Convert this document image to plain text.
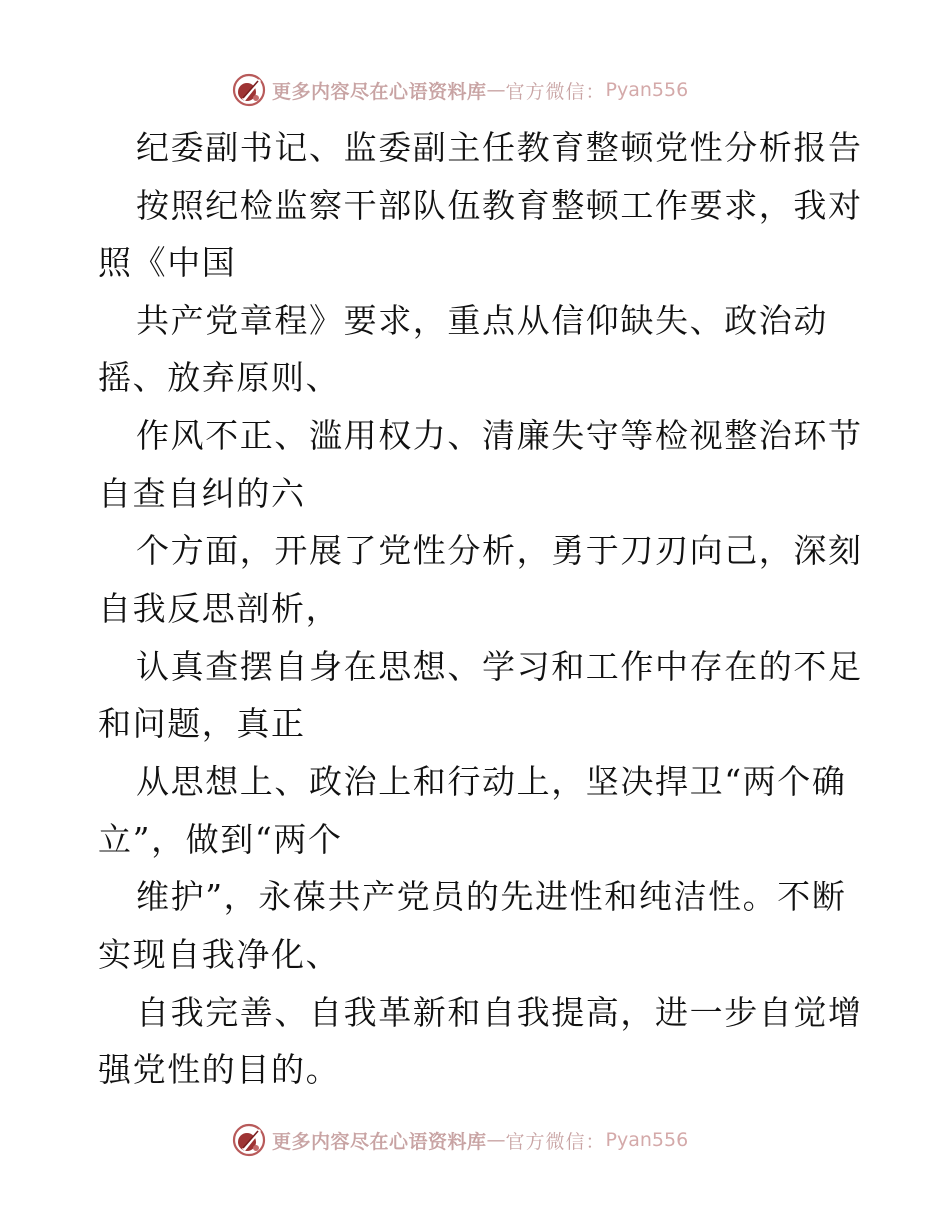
更多内容尽在心语资料库 — 官方微信： Pyan556
纪委副书记、监委副主任教育整顿党性分析报告
按照纪检监察干部队伍教育整顿工作要求，我对
照《中国
共产党章程》要求，重点从信仰缺失、政治动
摇、放弃原则、
作风不正、滥用权力、清廉失守等检视整治环节
自查自纠的六
个方面，开展了党性分析，勇于刀刃向己，深刻
自我反思剖析，
认真查摆自身在思想、学习和工作中存在的不足
和问题，真正
从思想上、政治上和行动上，坚决捍卫“两个确
立”，做到“两个
维护”，永葆共产党员的先进性和纯洁性。不断
实现自我净化、
自我完善、自我革新和自我提高，进一步自觉增
强党性的目的。
更多内容尽在心语资料库 — 官方微信： Pyan556
